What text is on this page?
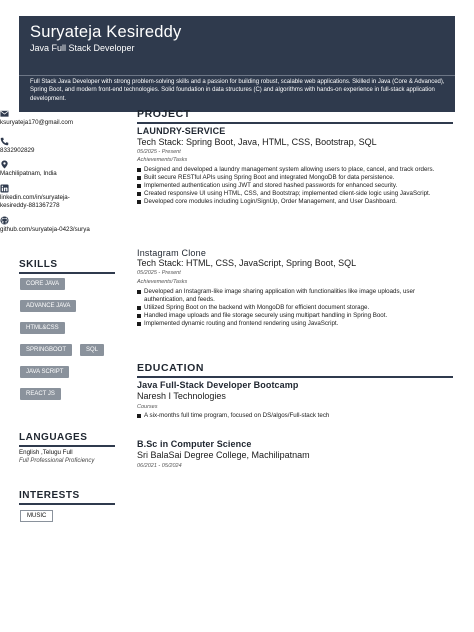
Suryateja Kesireddy
Java Full Stack Developer
Full Stack Java Developer with strong problem-solving skills and a passion for building robust, scalable web applications. Skilled in Java (Core & Advanced), Spring Boot, and modern front-end technologies. Solid foundation in data structures (C) and algorithms with hands-on experience in full-stack application development.
ksuryateja170@gmail.com
8332902829
Machilipatnam, India
linkedin.com/in/suryateja-kesireddy-881367278
github.com/suryateja-0423/surya
SKILLS
CORE JAVA
ADVANCE JAVA
HTML&CSS
SPRINGBOOT	SQL
JAVA SCRIPT
REACT JS
LANGUAGES
English ,Telugu Full
Full Professional Proficiency
INTERESTS
MUSIC
PROJECT
LAUNDRY-SERVICE
Tech Stack: Spring Boot, Java, HTML, CSS, Bootstrap, SQL
05/2025 - Present
Achievements/Tasks
Designed and developed a laundry management system allowing users to place, cancel, and track orders.
Built secure RESTful APIs using Spring Boot and integrated MongoDB for data persistence.
Implemented authentication using JWT and stored hashed passwords for enhanced security.
Created responsive UI using HTML, CSS, and Bootstrap; implemented client-side logic using JavaScript.
Developed core modules including Login/SignUp, Order Management, and User Dashboard.
Instagram Clone
Tech Stack: HTML, CSS, JavaScript, Spring Boot, SQL
05/2025 - Present
Achievements/Tasks
Developed an Instagram-like image sharing application with functionalities like image uploads, user authentication, and feeds.
Utilized Spring Boot on the backend with MongoDB for efficient document storage.
Handled image uploads and file storage securely using multipart handling in Spring Boot.
Implemented dynamic routing and frontend rendering using JavaScript.
EDUCATION
Java Full-Stack Developer Bootcamp
Naresh I Technologies
Courses
A six-months full time program, focused on DS/algos/Full-stack tech
B.Sc in Computer Science
Sri BalaSai Degree College, Machilipatnam
06/2021 - 05/2024
